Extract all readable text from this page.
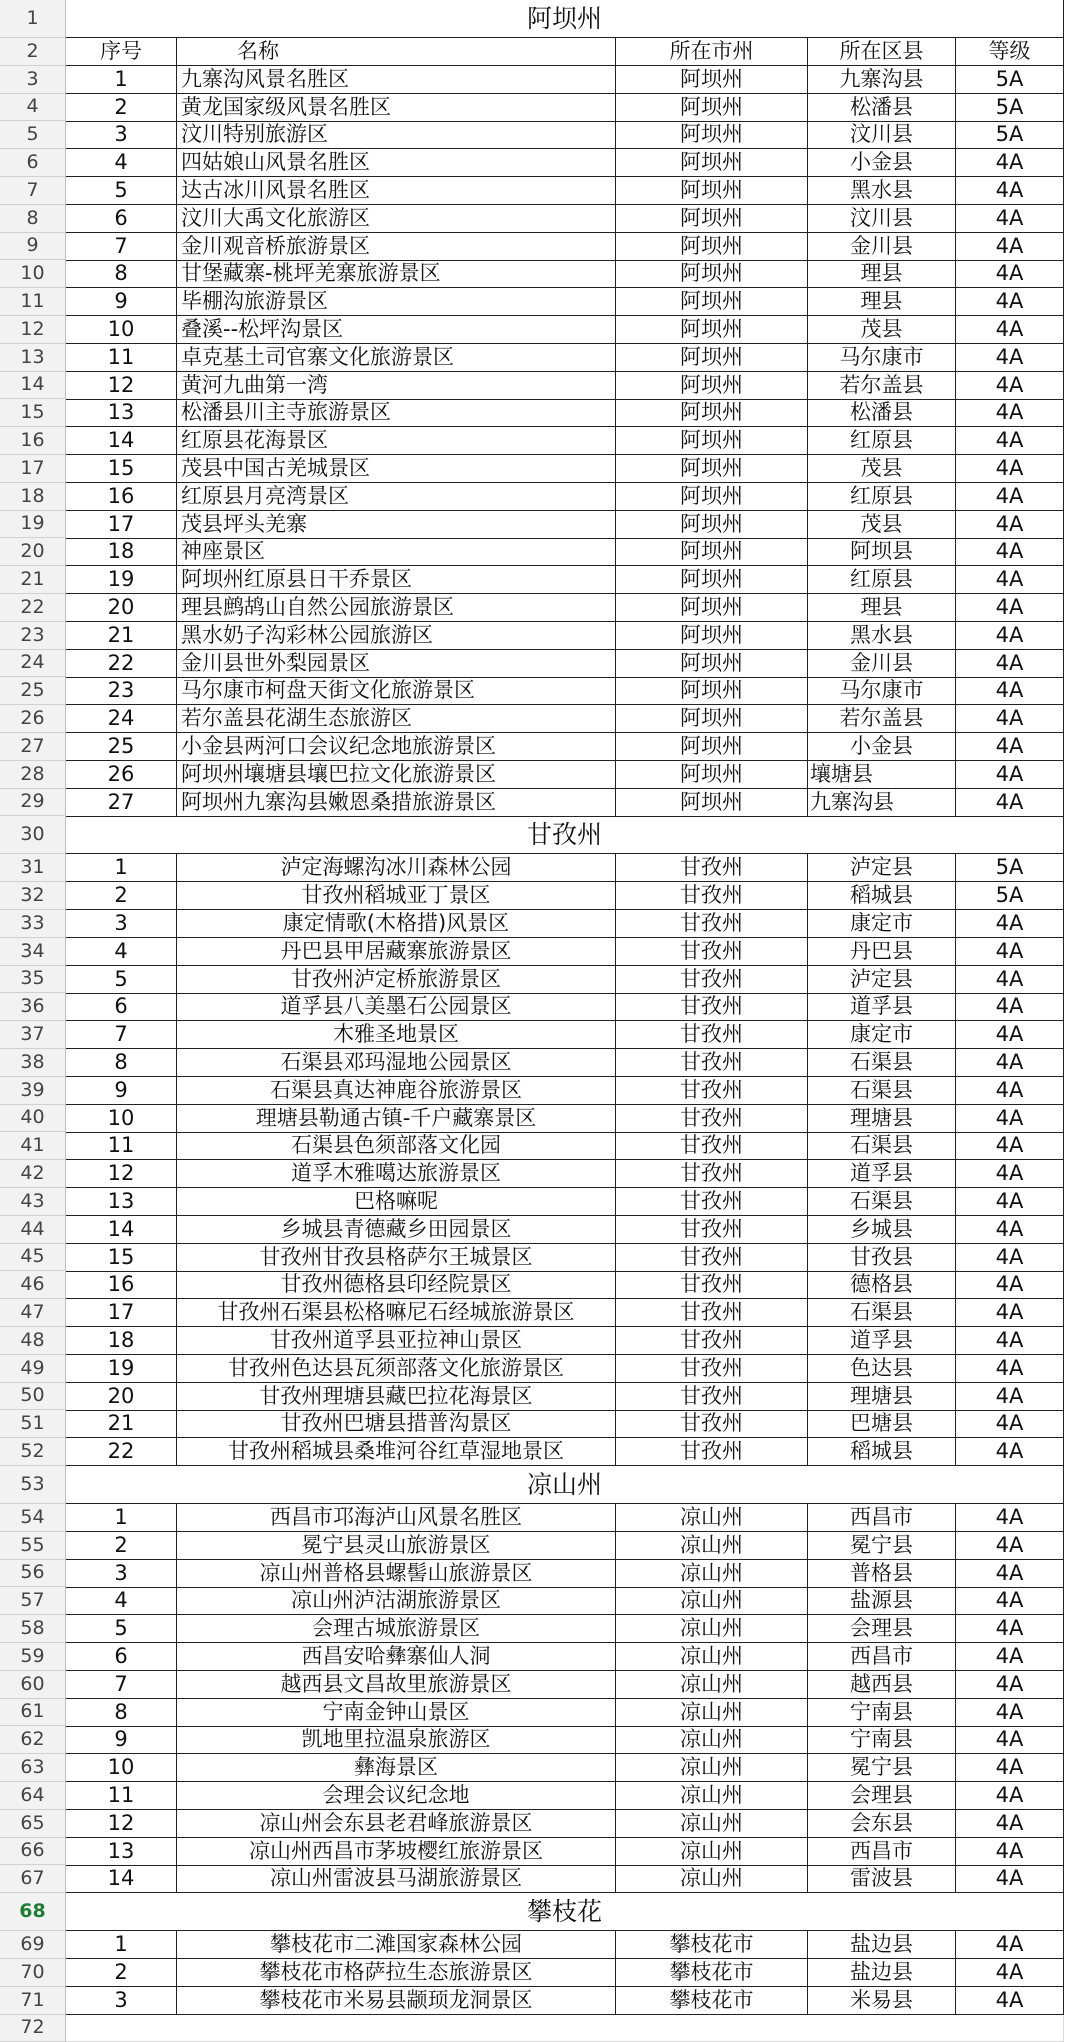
1	阿坝州
2	序号	名称	所在市州	所在区县	等级
3	1	九寨沟风景名胜区	阿坝州	九寨沟县	5A
4	2	黄龙国家级风景名胜区	阿坝州	松潘县	5A
5	3	汶川特别旅游区	阿坝州	汶川县	5A
6	4	四姑娘山风景名胜区	阿坝州	小金县	4A
7	5	达古冰川风景名胜区	阿坝州	黑水县	4A
8	6	汶川大禹文化旅游区	阿坝州	汶川县	4A
9	7	金川观音桥旅游景区	阿坝州	金川县	4A
10	8	甘堡藏寨-桃坪羌寨旅游景区	阿坝州	理县	4A
11	9	毕棚沟旅游景区	阿坝州	理县	4A
12	10	叠溪--松坪沟景区	阿坝州	茂县	4A
13	11	卓克基土司官寨文化旅游景区	阿坝州	马尔康市	4A
14	12	黄河九曲第一湾	阿坝州	若尔盖县	4A
15	13	松潘县川主寺旅游景区	阿坝州	松潘县	4A
16	14	红原县花海景区	阿坝州	红原县	4A
17	15	茂县中国古羌城景区	阿坝州	茂县	4A
18	16	红原县月亮湾景区	阿坝州	红原县	4A
19	17	茂县坪头羌寨	阿坝州	茂县	4A
20	18	神座景区	阿坝州	阿坝县	4A
21	19	阿坝州红原县日干乔景区	阿坝州	红原县	4A
22	20	理县鹧鸪山自然公园旅游景区	阿坝州	理县	4A
23	21	黑水奶子沟彩林公园旅游区	阿坝州	黑水县	4A
24	22	金川县世外梨园景区	阿坝州	金川县	4A
25	23	马尔康市柯盘天街文化旅游景区	阿坝州	马尔康市	4A
26	24	若尔盖县花湖生态旅游区	阿坝州	若尔盖县	4A
27	25	小金县两河口会议纪念地旅游景区	阿坝州	小金县	4A
28	26	阿坝州壤塘县壤巴拉文化旅游景区	阿坝州	壤塘县	4A
29	27	阿坝州九寨沟县嫩恩桑措旅游景区	阿坝州	九寨沟县	4A
30	甘孜州
31	1	泸定海螺沟冰川森林公园	甘孜州	泸定县	5A
32	2	甘孜州稻城亚丁景区	甘孜州	稻城县	5A
33	3	康定情歌(木格措)风景区	甘孜州	康定市	4A
34	4	丹巴县甲居藏寨旅游景区	甘孜州	丹巴县	4A
35	5	甘孜州泸定桥旅游景区	甘孜州	泸定县	4A
36	6	道孚县八美墨石公园景区	甘孜州	道孚县	4A
37	7	木雅圣地景区	甘孜州	康定市	4A
38	8	石渠县邓玛湿地公园景区	甘孜州	石渠县	4A
39	9	石渠县真达神鹿谷旅游景区	甘孜州	石渠县	4A
40	10	理塘县勒通古镇-千户藏寨景区	甘孜州	理塘县	4A
41	11	石渠县色须部落文化园	甘孜州	石渠县	4A
42	12	道孚木雅噶达旅游景区	甘孜州	道孚县	4A
43	13	巴格嘛呢	甘孜州	石渠县	4A
44	14	乡城县青德藏乡田园景区	甘孜州	乡城县	4A
45	15	甘孜州甘孜县格萨尔王城景区	甘孜州	甘孜县	4A
46	16	甘孜州德格县印经院景区	甘孜州	德格县	4A
47	17	甘孜州石渠县松格嘛尼石经城旅游景区	甘孜州	石渠县	4A
48	18	甘孜州道孚县亚拉神山景区	甘孜州	道孚县	4A
49	19	甘孜州色达县瓦须部落文化旅游景区	甘孜州	色达县	4A
50	20	甘孜州理塘县藏巴拉花海景区	甘孜州	理塘县	4A
51	21	甘孜州巴塘县措普沟景区	甘孜州	巴塘县	4A
52	22	甘孜州稻城县桑堆河谷红草湿地景区	甘孜州	稻城县	4A
53	凉山州
54	1	西昌市邛海泸山风景名胜区	凉山州	西昌市	4A
55	2	冕宁县灵山旅游景区	凉山州	冕宁县	4A
56	3	凉山州普格县螺髻山旅游景区	凉山州	普格县	4A
57	4	凉山州泸沽湖旅游景区	凉山州	盐源县	4A
58	5	会理古城旅游景区	凉山州	会理县	4A
59	6	西昌安哈彝寨仙人洞	凉山州	西昌市	4A
60	7	越西县文昌故里旅游景区	凉山州	越西县	4A
61	8	宁南金钟山景区	凉山州	宁南县	4A
62	9	凯地里拉温泉旅游区	凉山州	宁南县	4A
63	10	彝海景区	凉山州	冕宁县	4A
64	11	会理会议纪念地	凉山州	会理县	4A
65	12	凉山州会东县老君峰旅游景区	凉山州	会东县	4A
66	13	凉山州西昌市茅坡樱红旅游景区	凉山州	西昌市	4A
67	14	凉山州雷波县马湖旅游景区	凉山州	雷波县	4A
68	攀枝花
69	1	攀枝花市二滩国家森林公园	攀枝花市	盐边县	4A
70	2	攀枝花市格萨拉生态旅游景区	攀枝花市	盐边县	4A
71	3	攀枝花市米易县颛顼龙洞景区	攀枝花市	米易县	4A
72
